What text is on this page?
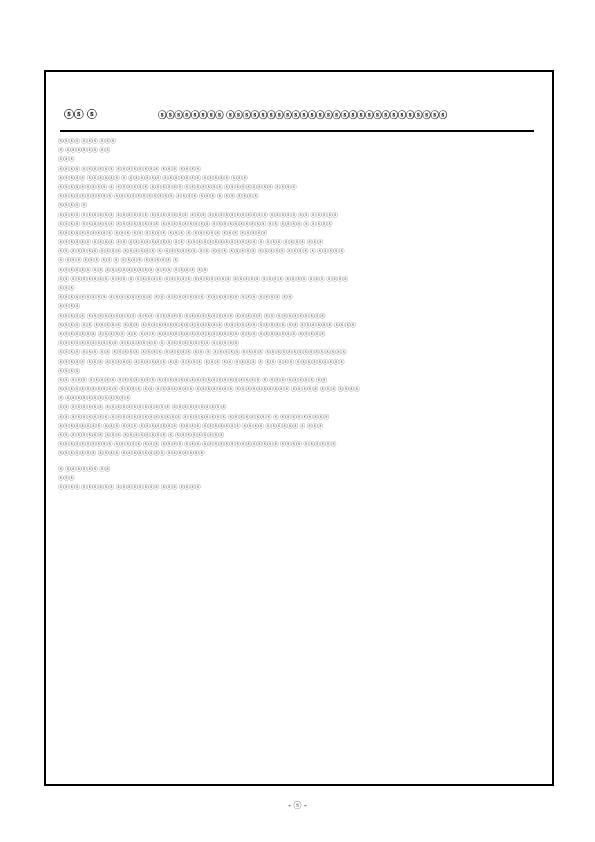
ⓢⓢ ⓢ	ⓢⓢⓢⓢⓢⓢⓢⓢ ⓢⓢⓢⓢⓢⓢⓢⓢⓢⓢⓢⓢⓢⓢⓢⓢⓢⓢⓢⓢⓢⓢⓢⓢⓢⓢⓢ
ⓢⓢⓢⓢ ⓢⓢⓢ ⓢⓢⓢ
ⓢ ⓢⓢⓢⓢⓢⓢ ⓢⓢ
ⓢⓢⓢ
ⓢⓢⓢⓢ ⓢⓢⓢⓢⓢⓢ ⓢⓢⓢⓢⓢⓢⓢⓢ ⓢⓢⓢ ⓢⓢⓢⓢ
ⓢⓢⓢⓢⓢ ⓢⓢⓢⓢⓢⓢ ⓢ ⓢⓢⓢⓢⓢⓢ ⓢⓢⓢⓢⓢⓢⓢ ⓢⓢⓢⓢⓢ ⓢⓢⓢ
ⓢⓢⓢⓢⓢⓢⓢⓢⓢ ⓢ ⓢⓢⓢⓢⓢⓢ ⓢⓢⓢⓢⓢⓢ ⓢⓢⓢⓢⓢⓢⓢ ⓢⓢⓢⓢⓢⓢⓢⓢⓢ ⓢⓢⓢⓢ
ⓢⓢⓢⓢⓢⓢⓢⓢⓢⓢ ⓢⓢⓢⓢⓢⓢⓢⓢⓢⓢⓢ ⓢⓢⓢⓢ ⓢⓢⓢ ⓢ ⓢⓢ ⓢⓢⓢⓢ
ⓢⓢⓢⓢ ⓢ
ⓢⓢⓢⓢ ⓢⓢⓢⓢⓢⓢ ⓢⓢⓢⓢⓢⓢ ⓢⓢⓢⓢⓢⓢⓢ ⓢⓢⓢ ⓢⓢⓢⓢⓢⓢⓢⓢⓢⓢⓢ ⓢⓢⓢⓢⓢ ⓢⓢ ⓢⓢⓢⓢⓢ
ⓢⓢⓢⓢ ⓢⓢⓢⓢⓢⓢ ⓢⓢⓢⓢⓢⓢⓢⓢ ⓢⓢⓢⓢⓢⓢⓢⓢⓢ ⓢⓢⓢⓢⓢⓢⓢⓢⓢⓢ ⓢⓢ ⓢⓢⓢⓢ ⓢ ⓢⓢⓢⓢ
ⓢⓢⓢⓢⓢⓢⓢⓢⓢⓢ ⓢⓢⓢ ⓢⓢ ⓢⓢⓢⓢ ⓢⓢⓢ ⓢ ⓢⓢⓢⓢⓢ ⓢⓢⓢ ⓢⓢⓢⓢⓢ
ⓢⓢⓢⓢⓢⓢ ⓢⓢⓢⓢ ⓢⓢ ⓢⓢⓢⓢⓢⓢⓢⓢ ⓢⓢ ⓢⓢⓢⓢⓢⓢⓢⓢⓢⓢⓢⓢⓢ ⓢ ⓢⓢⓢ ⓢⓢⓢⓢ ⓢⓢⓢ
ⓢⓢ ⓢⓢⓢⓢⓢ ⓢⓢⓢⓢ ⓢⓢⓢⓢⓢⓢ ⓢ ⓢⓢⓢⓢⓢⓢ ⓢⓢ ⓢⓢⓢ ⓢⓢⓢⓢⓢ ⓢⓢⓢⓢⓢ ⓢⓢⓢⓢ ⓢ ⓢⓢⓢⓢⓢ
ⓢ ⓢⓢⓢ ⓢⓢⓢ ⓢⓢ ⓢ ⓢⓢⓢⓢ ⓢⓢⓢⓢⓢ ⓢ
ⓢⓢⓢⓢⓢⓢ ⓢⓢ ⓢⓢⓢⓢⓢⓢⓢⓢⓢ ⓢⓢⓢ ⓢⓢⓢⓢ ⓢⓢ
ⓢⓢ ⓢⓢⓢⓢⓢⓢⓢ ⓢⓢⓢ ⓢ ⓢⓢⓢⓢⓢ ⓢⓢⓢⓢⓢ ⓢⓢⓢⓢⓢⓢⓢ ⓢⓢⓢⓢⓢ ⓢⓢⓢⓢ ⓢⓢⓢⓢ ⓢⓢⓢ ⓢⓢⓢⓢ
ⓢⓢⓢ
ⓢⓢⓢⓢⓢⓢⓢⓢⓢ ⓢⓢⓢⓢⓢⓢⓢⓢ ⓢⓢ ⓢⓢⓢⓢⓢⓢⓢ ⓢⓢⓢⓢⓢⓢ ⓢⓢⓢ ⓢⓢⓢⓢ ⓢⓢ
ⓢⓢⓢⓢ
ⓢⓢⓢⓢⓢ ⓢⓢⓢⓢⓢⓢⓢⓢⓢ ⓢⓢⓢ ⓢⓢⓢⓢⓢ ⓢⓢⓢⓢⓢⓢⓢⓢⓢ ⓢⓢⓢⓢⓢ ⓢⓢ ⓢⓢⓢⓢⓢⓢⓢⓢⓢ
ⓢⓢⓢⓢ ⓢⓢ ⓢⓢⓢⓢⓢ ⓢⓢⓢ ⓢⓢⓢⓢⓢⓢⓢⓢⓢⓢⓢⓢⓢⓢⓢ ⓢⓢⓢⓢⓢⓢ ⓢⓢⓢⓢⓢ ⓢⓢ ⓢⓢⓢⓢⓢⓢ ⓢⓢⓢⓢ
ⓢⓢⓢⓢⓢⓢⓢ ⓢⓢⓢⓢⓢ ⓢⓢ ⓢⓢⓢ ⓢⓢⓢⓢⓢⓢⓢⓢⓢⓢⓢⓢⓢⓢⓢ ⓢⓢⓢ ⓢⓢⓢⓢⓢⓢⓢ ⓢⓢⓢⓢⓢ
ⓢⓢⓢⓢⓢⓢⓢⓢⓢⓢⓢ ⓢⓢⓢⓢⓢⓢⓢ ⓢ ⓢⓢⓢⓢⓢⓢⓢⓢ ⓢⓢⓢⓢⓢ
ⓢⓢⓢⓢ ⓢⓢⓢ ⓢⓢ ⓢⓢⓢⓢⓢ ⓢⓢⓢⓢ ⓢⓢⓢⓢⓢ ⓢⓢ ⓢ ⓢⓢⓢⓢⓢ ⓢⓢⓢⓢ ⓢⓢⓢⓢⓢⓢⓢⓢⓢⓢⓢⓢⓢⓢⓢ
ⓢⓢⓢⓢⓢ ⓢⓢⓢ ⓢⓢⓢⓢⓢ ⓢⓢⓢⓢⓢⓢ ⓢⓢ ⓢⓢⓢⓢ ⓢⓢⓢ ⓢⓢ ⓢⓢⓢⓢ ⓢ ⓢⓢ ⓢⓢⓢ ⓢⓢⓢⓢⓢⓢⓢⓢⓢ
ⓢⓢⓢⓢ
ⓢⓢ ⓢⓢⓢ ⓢⓢⓢⓢⓢ ⓢⓢⓢⓢⓢⓢⓢ ⓢⓢⓢⓢⓢⓢⓢⓢⓢⓢⓢⓢⓢⓢⓢⓢⓢⓢⓢ ⓢ ⓢⓢⓢ ⓢⓢⓢⓢⓢ ⓢⓢ
ⓢⓢⓢⓢⓢⓢⓢⓢⓢⓢⓢ ⓢⓢⓢⓢ ⓢⓢ ⓢⓢⓢⓢⓢⓢⓢ ⓢⓢⓢⓢⓢⓢⓢ ⓢⓢⓢⓢⓢⓢⓢⓢⓢⓢ ⓢⓢⓢⓢⓢ ⓢⓢⓢ ⓢⓢⓢⓢ
ⓢ ⓢⓢⓢⓢⓢⓢⓢⓢⓢⓢⓢⓢ
ⓢⓢ ⓢⓢⓢⓢⓢⓢ ⓢⓢⓢⓢⓢⓢⓢⓢⓢⓢⓢⓢ ⓢⓢⓢⓢⓢⓢⓢⓢⓢⓢ
ⓢⓢ ⓢⓢⓢⓢⓢⓢⓢ ⓢⓢⓢⓢⓢⓢⓢⓢⓢⓢⓢⓢⓢ ⓢⓢⓢⓢⓢⓢⓢⓢ ⓢⓢⓢⓢⓢⓢⓢⓢ ⓢ ⓢⓢⓢⓢⓢⓢⓢⓢⓢ
ⓢⓢⓢⓢⓢⓢⓢⓢ ⓢⓢⓢ ⓢⓢⓢ ⓢⓢⓢⓢⓢⓢⓢ ⓢⓢⓢⓢ ⓢⓢⓢⓢⓢⓢⓢ ⓢⓢⓢⓢ ⓢⓢⓢⓢⓢⓢ ⓢ ⓢⓢⓢ
ⓢⓢ ⓢⓢⓢⓢⓢⓢ ⓢⓢⓢ ⓢⓢⓢⓢⓢⓢⓢⓢ ⓢ ⓢⓢⓢⓢⓢⓢⓢⓢⓢ
ⓢⓢⓢⓢⓢⓢⓢⓢⓢⓢ ⓢⓢⓢⓢⓢ ⓢⓢⓢ ⓢⓢⓢⓢ ⓢⓢⓢ ⓢⓢⓢⓢⓢⓢⓢⓢⓢⓢⓢⓢⓢⓢ ⓢⓢⓢⓢ ⓢⓢⓢⓢⓢⓢ
ⓢⓢⓢⓢⓢⓢⓢ ⓢⓢⓢⓢ ⓢⓢⓢⓢⓢⓢⓢⓢ ⓢⓢⓢⓢⓢⓢⓢ
ⓢ ⓢⓢⓢⓢⓢⓢ ⓢⓢ
ⓢⓢⓢ
ⓢⓢⓢⓢ ⓢⓢⓢⓢⓢⓢ ⓢⓢⓢⓢⓢⓢⓢⓢ ⓢⓢⓢ ⓢⓢⓢⓢ
- ⓢ -
